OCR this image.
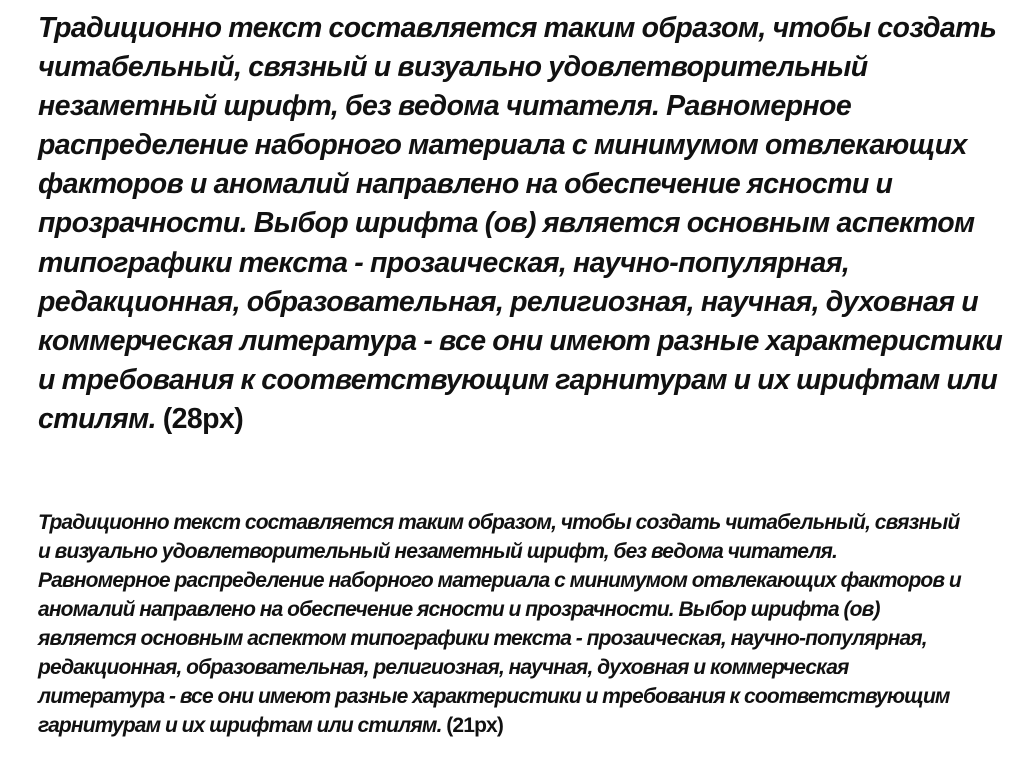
Традиционно текст составляется таким образом, чтобы создать читабельный, связный и визуально удовлетворительный незаметный шрифт, без ведома читателя. Равномерное распределение наборного материала с минимумом отвлекающих факторов и аномалий направлено на обеспечение ясности и прозрачности. Выбор шрифта (ов) является основным аспектом типографики текста - прозаическая, научно-популярная, редакционная, образовательная, религиозная, научная, духовная и коммерческая литература - все они имеют разные характеристики и требования к соответствующим гарнитурам и их шрифтам или стилям. (28px)

Традиционно текст составляется таким образом, чтобы создать читабельный, связный и визуально удовлетворительный незаметный шрифт, без ведома читателя. Равномерное распределение наборного материала с минимумом отвлекающих факторов и аномалий направлено на обеспечение ясности и прозрачности. Выбор шрифта (ов) является основным аспектом типографики текста - прозаическая, научно-популярная, редакционная, образовательная, религиозная, научная, духовная и коммерческая литература - все они имеют разные характеристики и требования к соответствующим гарнитурам и их шрифтам или стилям. (21px)
